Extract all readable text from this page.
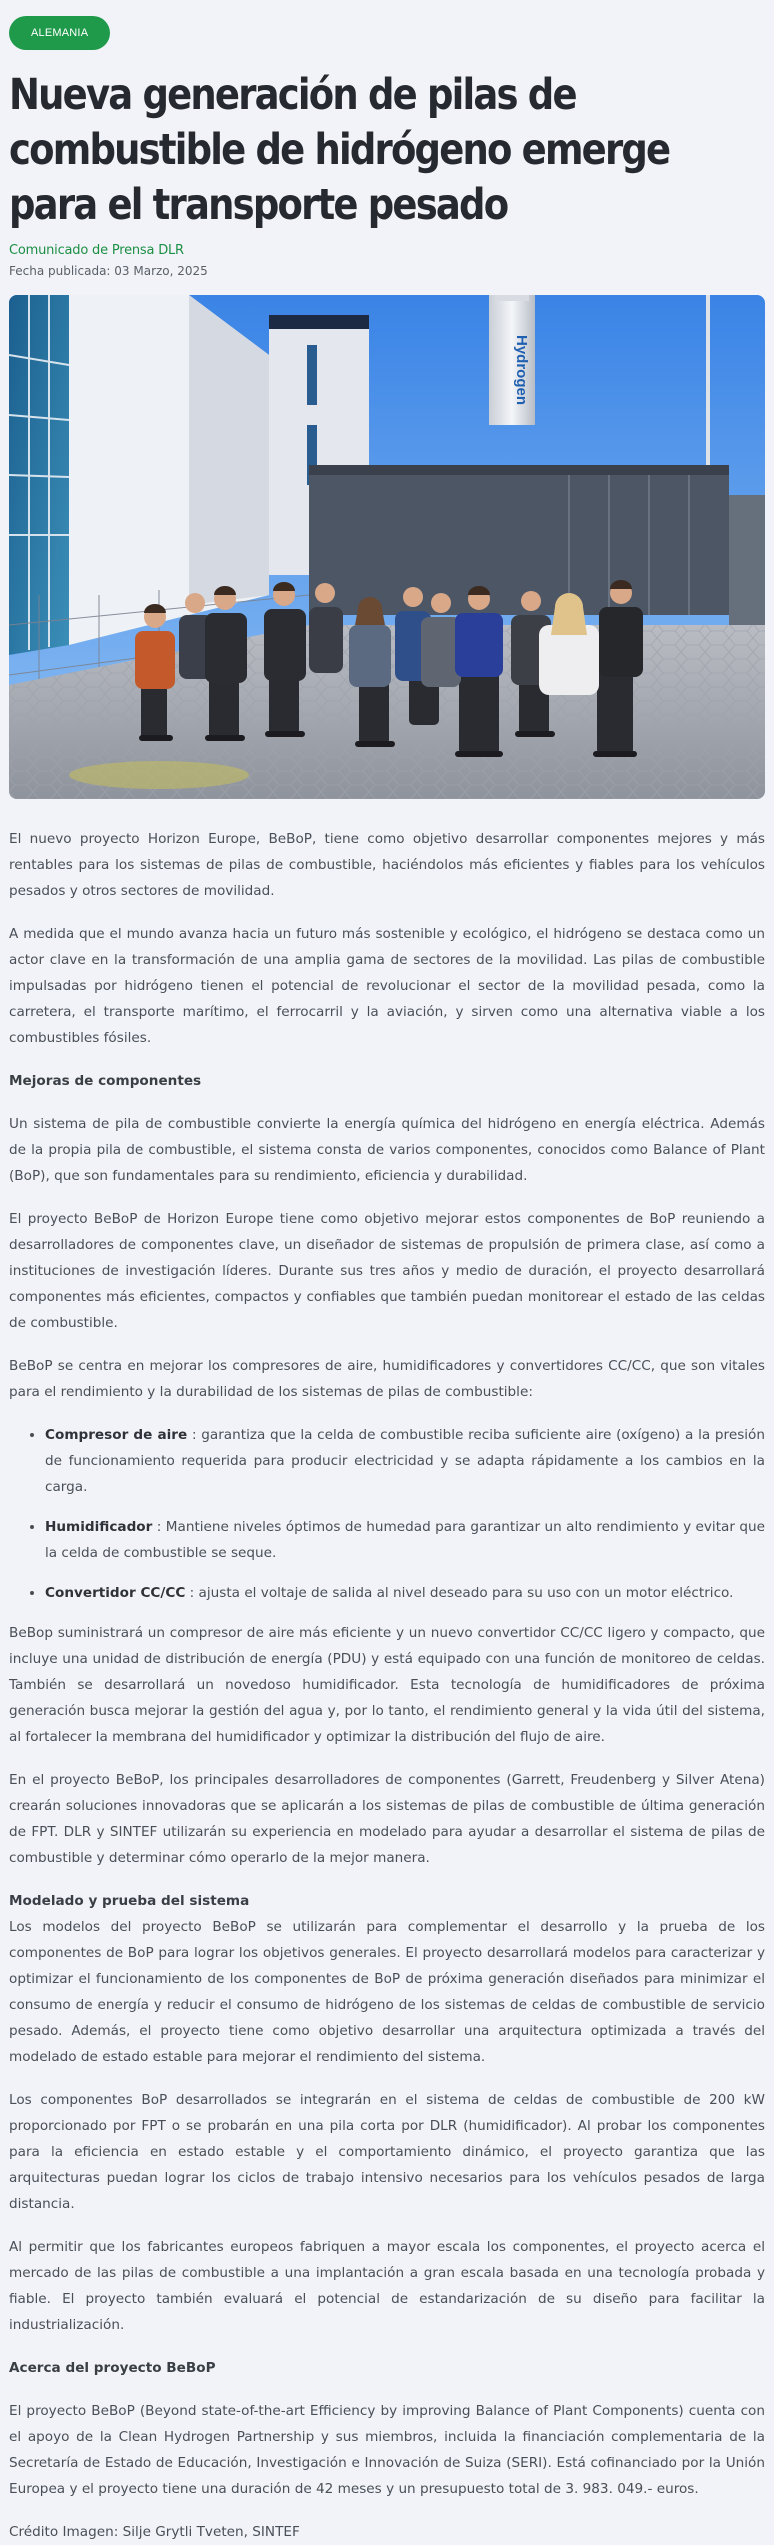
ALEMANIA
Nueva generación de pilas de combustible de hidrógeno emerge para el transporte pesado
Comunicado de Prensa DLR
Fecha publicada: 03 Marzo, 2025
Hydrogen

El nuevo proyecto Horizon Europe, BeBoP, tiene como objetivo desarrollar componentes mejores y más rentables para los sistemas de pilas de combustible, haciéndolos más eficientes y fiables para los vehículos pesados y otros sectores de movilidad.

A medida que el mundo avanza hacia un futuro más sostenible y ecológico, el hidrógeno se destaca como un actor clave en la transformación de una amplia gama de sectores de la movilidad. Las pilas de combustible impulsadas por hidrógeno tienen el potencial de revolucionar el sector de la movilidad pesada, como la carretera, el transporte marítimo, el ferrocarril y la aviación, y sirven como una alternativa viable a los combustibles fósiles.

Mejoras de componentes

Un sistema de pila de combustible convierte la energía química del hidrógeno en energía eléctrica. Además de la propia pila de combustible, el sistema consta de varios componentes, conocidos como Balance of Plant (BoP), que son fundamentales para su rendimiento, eficiencia y durabilidad.

El proyecto BeBoP de Horizon Europe tiene como objetivo mejorar estos componentes de BoP reuniendo a desarrolladores de componentes clave, un diseñador de sistemas de propulsión de primera clase, así como a instituciones de investigación líderes. Durante sus tres años y medio de duración, el proyecto desarrollará componentes más eficientes, compactos y confiables que también puedan monitorear el estado de las celdas de combustible.

BeBoP se centra en mejorar los compresores de aire, humidificadores y convertidores CC/CC, que son vitales para el rendimiento y la durabilidad de los sistemas de pilas de combustible:

• Compresor de aire : garantiza que la celda de combustible reciba suficiente aire (oxígeno) a la presión de funcionamiento requerida para producir electricidad y se adapta rápidamente a los cambios en la carga.
• Humidificador : Mantiene niveles óptimos de humedad para garantizar un alto rendimiento y evitar que la celda de combustible se seque.
• Convertidor CC/CC : ajusta el voltaje de salida al nivel deseado para su uso con un motor eléctrico.

BeBop suministrará un compresor de aire más eficiente y un nuevo convertidor CC/CC ligero y compacto, que incluye una unidad de distribución de energía (PDU) y está equipado con una función de monitoreo de celdas. También se desarrollará un novedoso humidificador. Esta tecnología de humidificadores de próxima generación busca mejorar la gestión del agua y, por lo tanto, el rendimiento general y la vida útil del sistema, al fortalecer la membrana del humidificador y optimizar la distribución del flujo de aire.

En el proyecto BeBoP, los principales desarrolladores de componentes (Garrett, Freudenberg y Silver Atena) crearán soluciones innovadoras que se aplicarán a los sistemas de pilas de combustible de última generación de FPT. DLR y SINTEF utilizarán su experiencia en modelado para ayudar a desarrollar el sistema de pilas de combustible y determinar cómo operarlo de la mejor manera.

Modelado y prueba del sistema

Los modelos del proyecto BeBoP se utilizarán para complementar el desarrollo y la prueba de los componentes de BoP para lograr los objetivos generales. El proyecto desarrollará modelos para caracterizar y optimizar el funcionamiento de los componentes de BoP de próxima generación diseñados para minimizar el consumo de energía y reducir el consumo de hidrógeno de los sistemas de celdas de combustible de servicio pesado. Además, el proyecto tiene como objetivo desarrollar una arquitectura optimizada a través del modelado de estado estable para mejorar el rendimiento del sistema.

Los componentes BoP desarrollados se integrarán en el sistema de celdas de combustible de 200 kW proporcionado por FPT o se probarán en una pila corta por DLR (humidificador). Al probar los componentes para la eficiencia en estado estable y el comportamiento dinámico, el proyecto garantiza que las arquitecturas puedan lograr los ciclos de trabajo intensivo necesarios para los vehículos pesados de larga distancia.

Al permitir que los fabricantes europeos fabriquen a mayor escala los componentes, el proyecto acerca el mercado de las pilas de combustible a una implantación a gran escala basada en una tecnología probada y fiable. El proyecto también evaluará el potencial de estandarización de su diseño para facilitar la industrialización.

Acerca del proyecto BeBoP

El proyecto BeBoP (Beyond state-of-the-art Efficiency by improving Balance of Plant Components) cuenta con el apoyo de la Clean Hydrogen Partnership y sus miembros, incluida la financiación complementaria de la Secretaría de Estado de Educación, Investigación e Innovación de Suiza (SERI). Está cofinanciado por la Unión Europea y el proyecto tiene una duración de 42 meses y un presupuesto total de 3. 983. 049.- euros.

Crédito Imagen: Silje Grytli Tveten, SINTEF
